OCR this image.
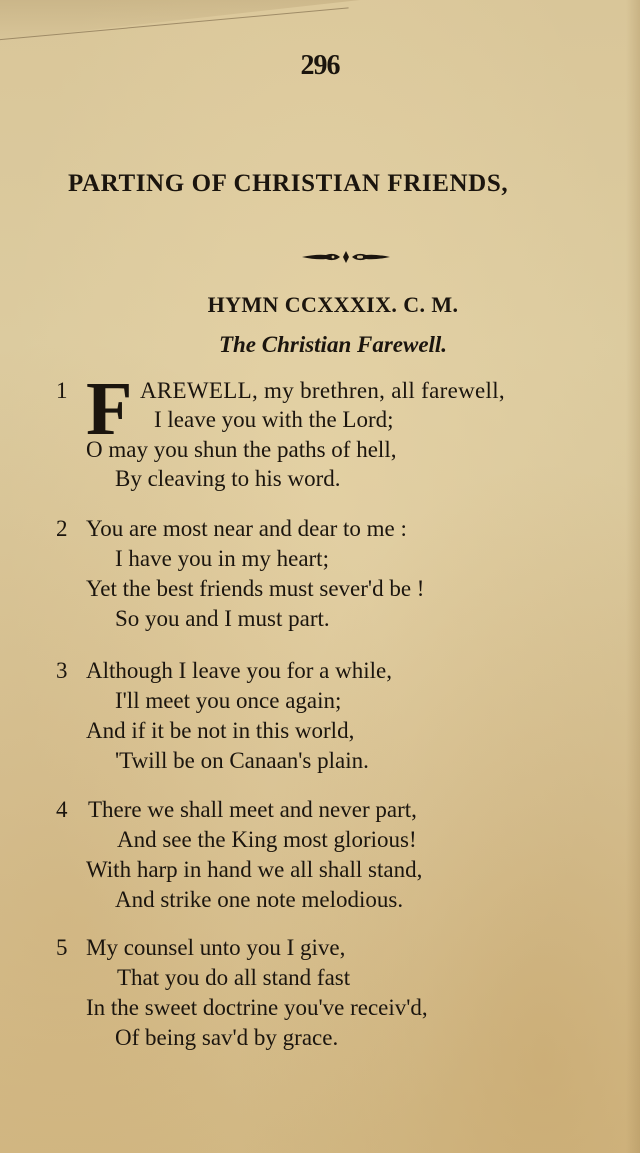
296
PARTING OF CHRISTIAN FRIENDS,
HYMN CCXXXIX. C. M.
The Christian Farewell.
1 F AREWELL, my brethren, all farewell,
I leave you with the Lord;
O may you shun the paths of hell,
By cleaving to his word.
2 You are most near and dear to me :
I have you in my heart;
Yet the best friends must sever'd be !
So you and I must part.
3 Although I leave you for a while,
I'll meet you once again;
And if it be not in this world,
'Twill be on Canaan's plain.
4 There we shall meet and never part,
And see the King most glorious!
With harp in hand we all shall stand,
And strike one note melodious.
5 My counsel unto you I give,
That you do all stand fast
In the sweet doctrine you've receiv'd,
Of being sav'd by grace.
